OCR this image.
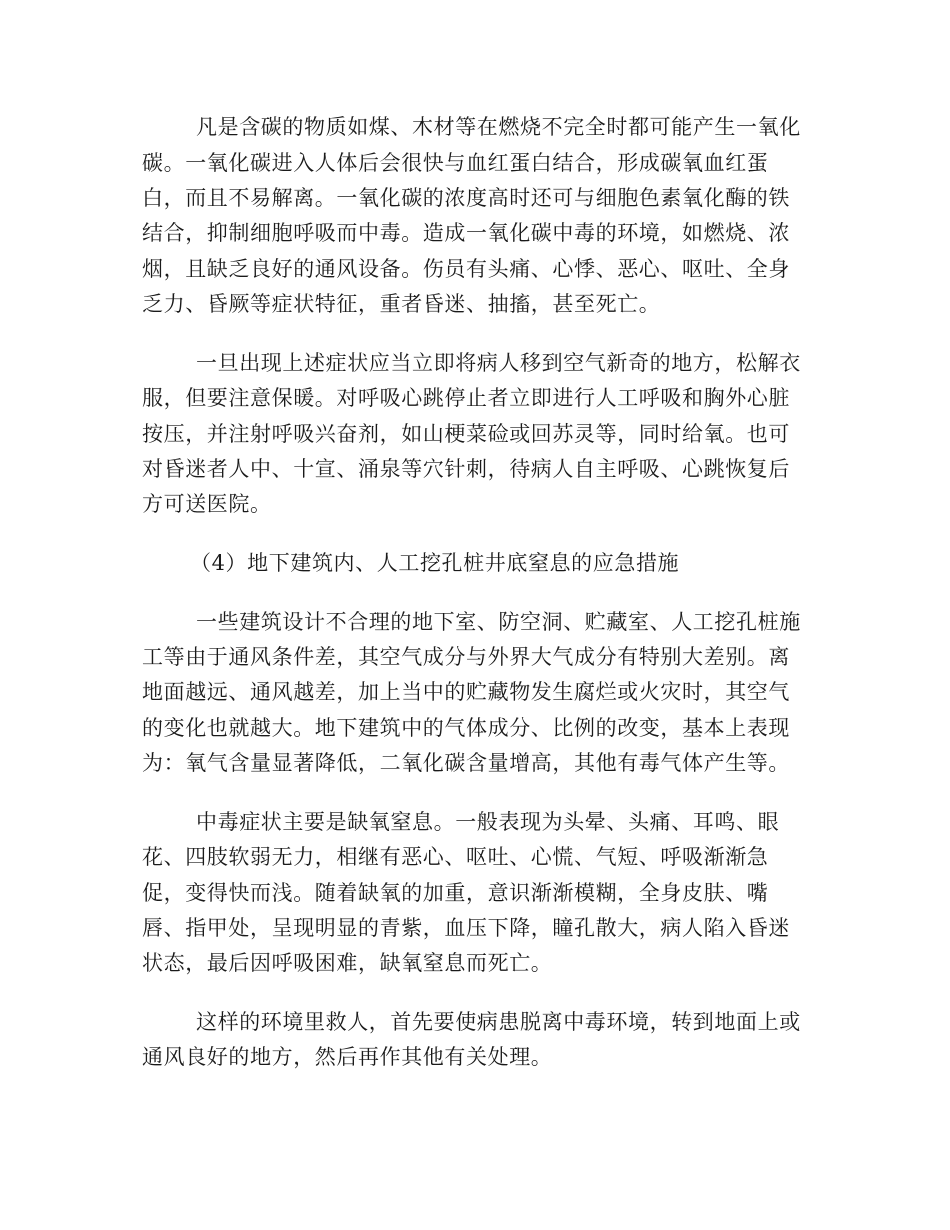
凡是含碳的物质如煤、木材等在燃烧不完全时都可能产生一氧化
碳。一氧化碳进入人体后会很快与血红蛋白结合，形成碳氧血红蛋
白，而且不易解离。一氧化碳的浓度高时还可与细胞色素氧化酶的铁
结合，抑制细胞呼吸而中毒。造成一氧化碳中毒的环境，如燃烧、浓
烟，且缺乏良好的通风设备。伤员有头痛、心悸、恶心、呕吐、全身
乏力、昏厥等症状特征，重者昏迷、抽搐，甚至死亡。
一旦出现上述症状应当立即将病人移到空气新奇的地方，松解衣
服，但要注意保暖。对呼吸心跳停止者立即进行人工呼吸和胸外心脏
按压，并注射呼吸兴奋剂，如山梗菜硷或回苏灵等，同时给氧。也可
对昏迷者人中、十宣、涌泉等穴针刺，待病人自主呼吸、心跳恢复后
方可送医院。
（4）地下建筑内、人工挖孔桩井底窒息的应急措施
一些建筑设计不合理的地下室、防空洞、贮藏室、人工挖孔桩施
工等由于通风条件差，其空气成分与外界大气成分有特别大差别。离
地面越远、通风越差，加上当中的贮藏物发生腐烂或火灾时，其空气
的变化也就越大。地下建筑中的气体成分、比例的改变，基本上表现
为：氧气含量显著降低，二氧化碳含量增高，其他有毒气体产生等。
中毒症状主要是缺氧窒息。一般表现为头晕、头痛、耳鸣、眼
花、四肢软弱无力，相继有恶心、呕吐、心慌、气短、呼吸渐渐急
促，变得快而浅。随着缺氧的加重，意识渐渐模糊，全身皮肤、嘴
唇、指甲处，呈现明显的青紫，血压下降，瞳孔散大，病人陷入昏迷
状态，最后因呼吸困难，缺氧窒息而死亡。
这样的环境里救人，首先要使病患脱离中毒环境，转到地面上或
通风良好的地方，然后再作其他有关处理。
